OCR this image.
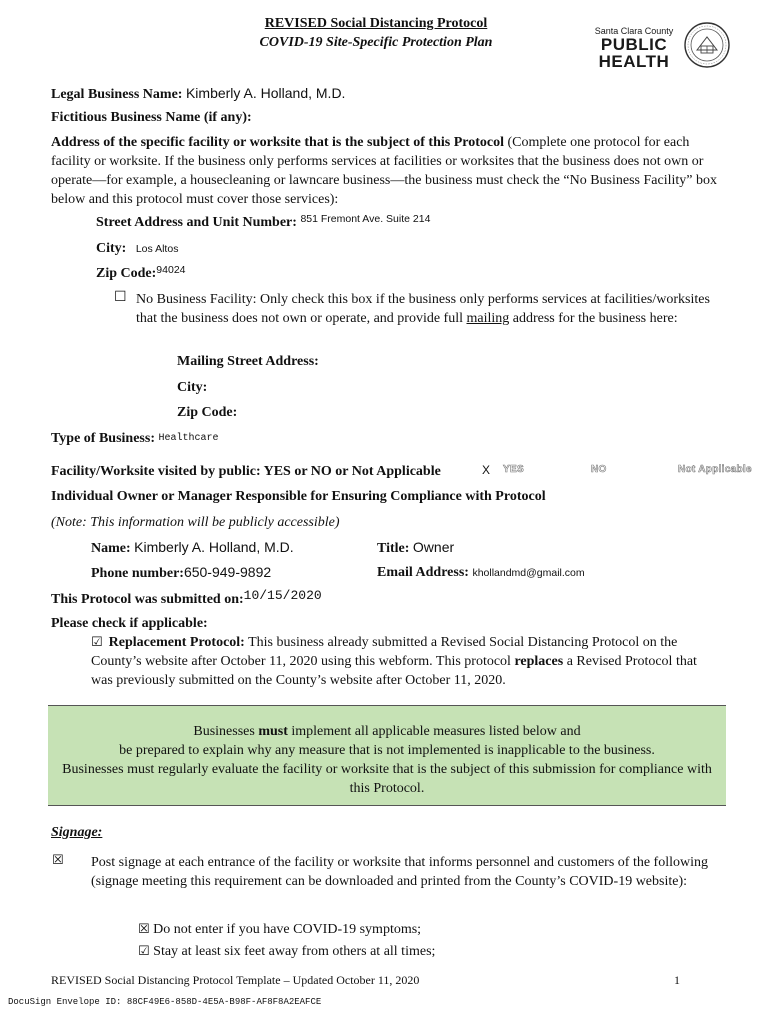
REVISED Social Distancing Protocol
COVID-19 Site-Specific Protection Plan
Santa Clara County
PUBLIC
HEALTH
Legal Business Name: Kimberly A. Holland, M.D.
Fictitious Business Name (if any):
Address of the specific facility or worksite that is the subject of this Protocol (Complete one protocol for each facility or worksite. If the business only performs services at facilities or worksites that the business does not own or operate—for example, a housecleaning or lawncare business—the business must check the “No Business Facility” box below and this protocol must cover those services):
Street Address and Unit Number: $^{851 Fremont Ave. Suite 214}$
City: Los Altos
Zip Code:$^{94024}$
☐ No Business Facility: Only check this box if the business only performs services at facilities/worksites that the business does not own or operate, and provide full mailing address for the business here:
Mailing Street Address:
City:
Zip Code:
Type of Business: Healthcare
Facility/Worksite visited by public: YES or NO or Not Applicable	X YES	NO	Not Applicable
Individual Owner or Manager Responsible for Ensuring Compliance with Protocol
(Note: This information will be publicly accessible)
Name: Kimberly A. Holland, M.D.	Title: Owner
Phone number:650-949-9892	Email Address: khollandmd@gmail.com
This Protocol was submitted on:10/15/2020
Please check if applicable:
☑ Replacement Protocol: This business already submitted a Revised Social Distancing Protocol on the County’s website after October 11, 2020 using this webform. This protocol replaces a Revised Protocol that was previously submitted on the County’s website after October 11, 2020.
Businesses must implement all applicable measures listed below and
be prepared to explain why any measure that is not implemented is inapplicable to the business.
Businesses must regularly evaluate the facility or worksite that is the subject of this submission for compliance with this Protocol.
Signage:
☒ Post signage at each entrance of the facility or worksite that informs personnel and customers of the following (signage meeting this requirement can be downloaded and printed from the County’s COVID-19 website):
☒ Do not enter if you have COVID-19 symptoms;
☑ Stay at least six feet away from others at all times;
REVISED Social Distancing Protocol Template – Updated October 11, 2020	1
DocuSign Envelope ID: 88CF49E6-858D-4E5A-B98F-AF8F8A2EAFCE
